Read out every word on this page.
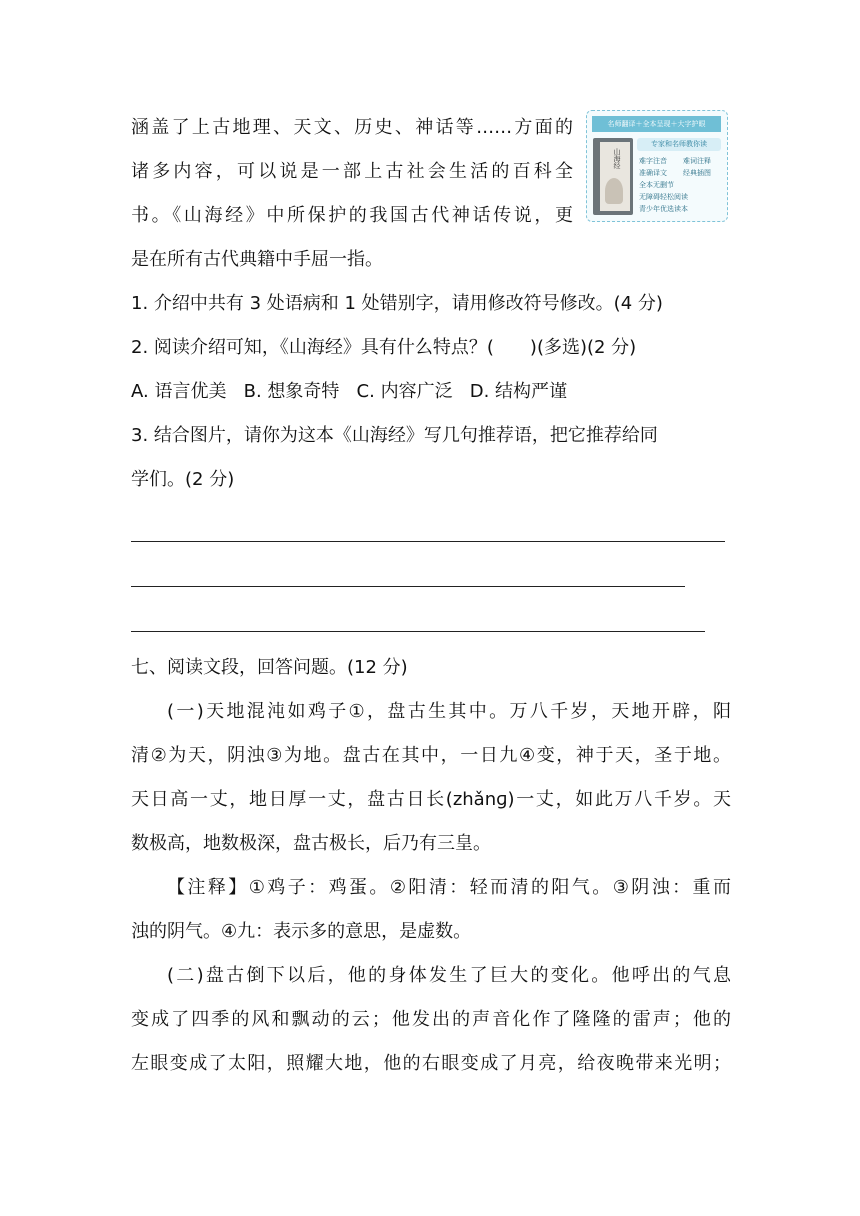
涵盖了上古地理、天文、历史、神话等……方面的

诸多内容，可以说是一部上古社会生活的百科全

书。《山海经》中所保护的我国古代神话传说，更

是在所有古代典籍中手屈一指。

名师翻译＋全本呈现＋大字护眼
山海经
专家和名师教你读
难字注音 难词注释
准确译文 经典插图
全本无删节
无障碍轻松阅读
青少年优选读本

1. 介绍中共有 3 处语病和 1 处错别字，请用修改符号修改。(4 分)

2. 阅读介绍可知，《山海经》具有什么特点？(　　)(多选)(2 分)

A. 语言优美   B. 想象奇特   C. 内容广泛   D. 结构严谨

3. 结合图片，请你为这本《山海经》写几句推荐语，把它推荐给同

学们。(2 分)

七、阅读文段，回答问题。(12 分)

(一)天地混沌如鸡子①，盘古生其中。万八千岁，天地开辟，阳

清②为天，阴浊③为地。盘古在其中，一日九④变，神于天，圣于地。

天日高一丈，地日厚一丈，盘古日长(zhǎnɡ)一丈，如此万八千岁。天

数极高，地数极深，盘古极长，后乃有三皇。

【注释】①鸡子：鸡蛋。②阳清：轻而清的阳气。③阴浊：重而

浊的阴气。④九：表示多的意思，是虚数。

(二)盘古倒下以后，他的身体发生了巨大的变化。他呼出的气息

变成了四季的风和飘动的云；他发出的声音化作了隆隆的雷声；他的

左眼变成了太阳，照耀大地，他的右眼变成了月亮，给夜晚带来光明；
